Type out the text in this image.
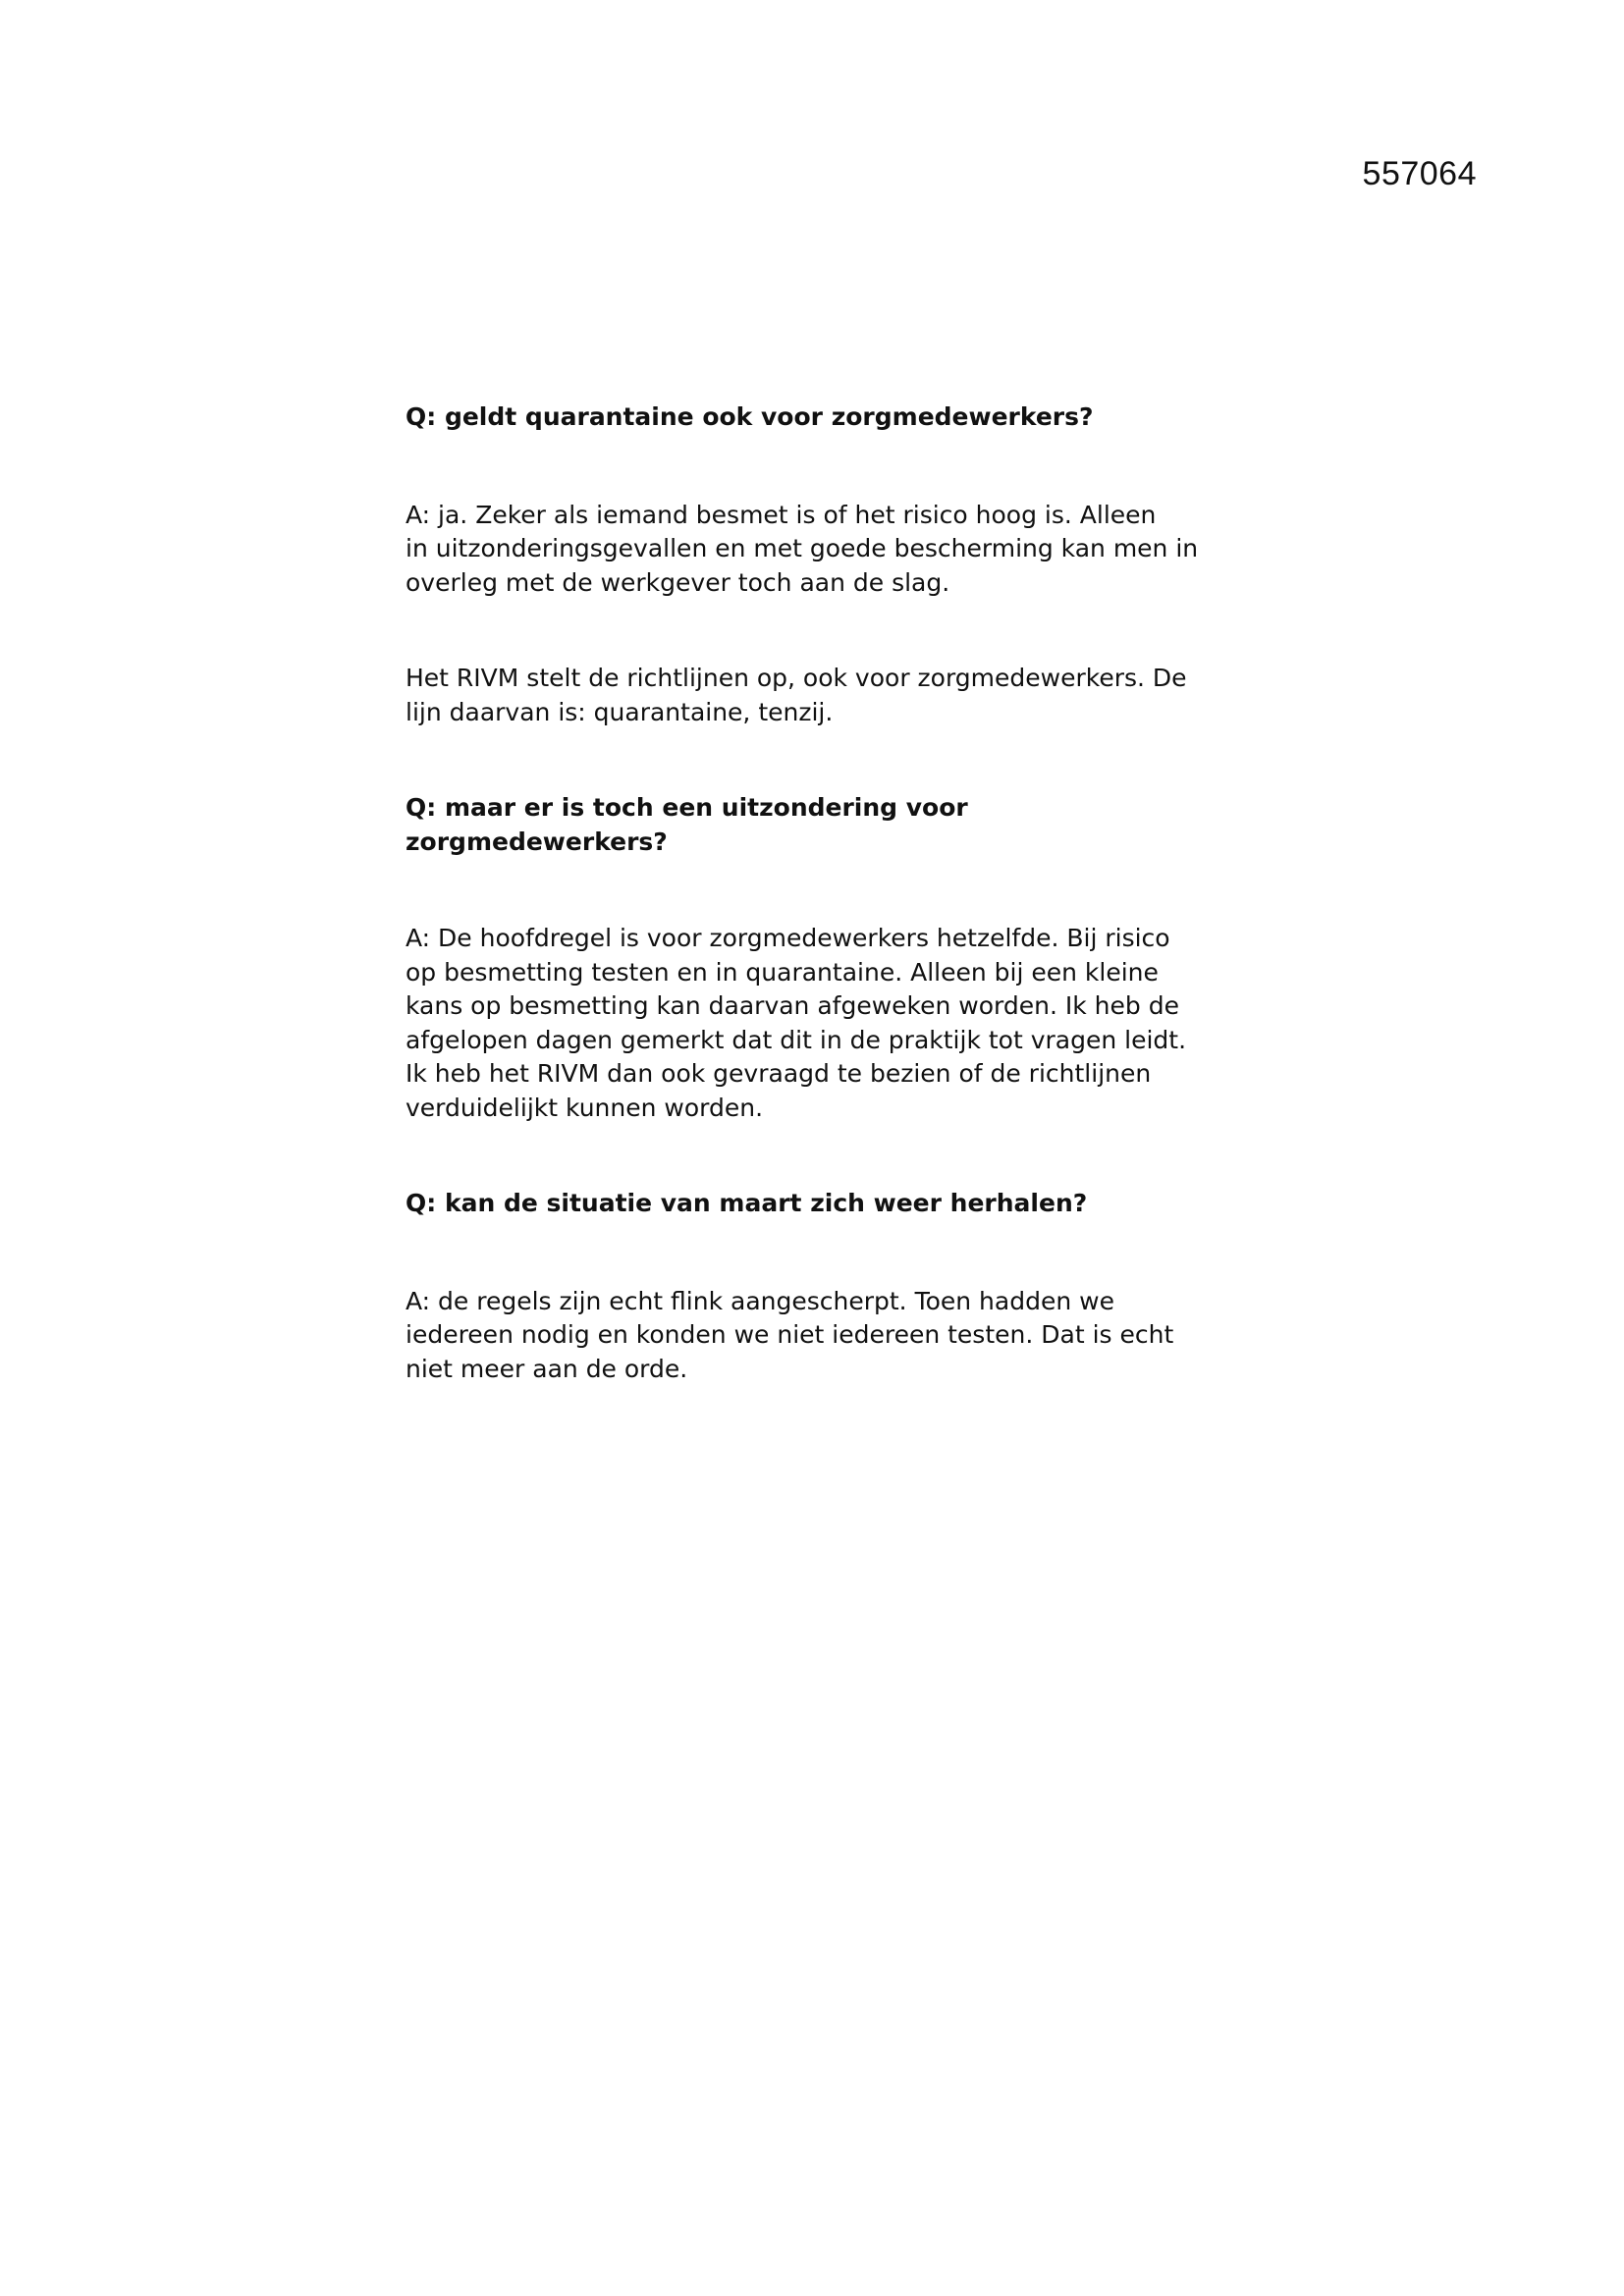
557064

Q: geldt quarantaine ook voor zorgmedewerkers?

A: ja. Zeker als iemand besmet is of het risico hoog is. Alleen
in uitzonderingsgevallen en met goede bescherming kan men in
overleg met de werkgever toch aan de slag.

Het RIVM stelt de richtlijnen op, ook voor zorgmedewerkers. De
lijn daarvan is: quarantaine, tenzij.

Q: maar er is toch een uitzondering voor
zorgmedewerkers?

A: De hoofdregel is voor zorgmedewerkers hetzelfde. Bij risico
op besmetting testen en in quarantaine. Alleen bij een kleine
kans op besmetting kan daarvan afgeweken worden. Ik heb de
afgelopen dagen gemerkt dat dit in de praktijk tot vragen leidt.
Ik heb het RIVM dan ook gevraagd te bezien of de richtlijnen
verduidelijkt kunnen worden.

Q: kan de situatie van maart zich weer herhalen?

A: de regels zijn echt flink aangescherpt. Toen hadden we
iedereen nodig en konden we niet iedereen testen. Dat is echt
niet meer aan de orde.
